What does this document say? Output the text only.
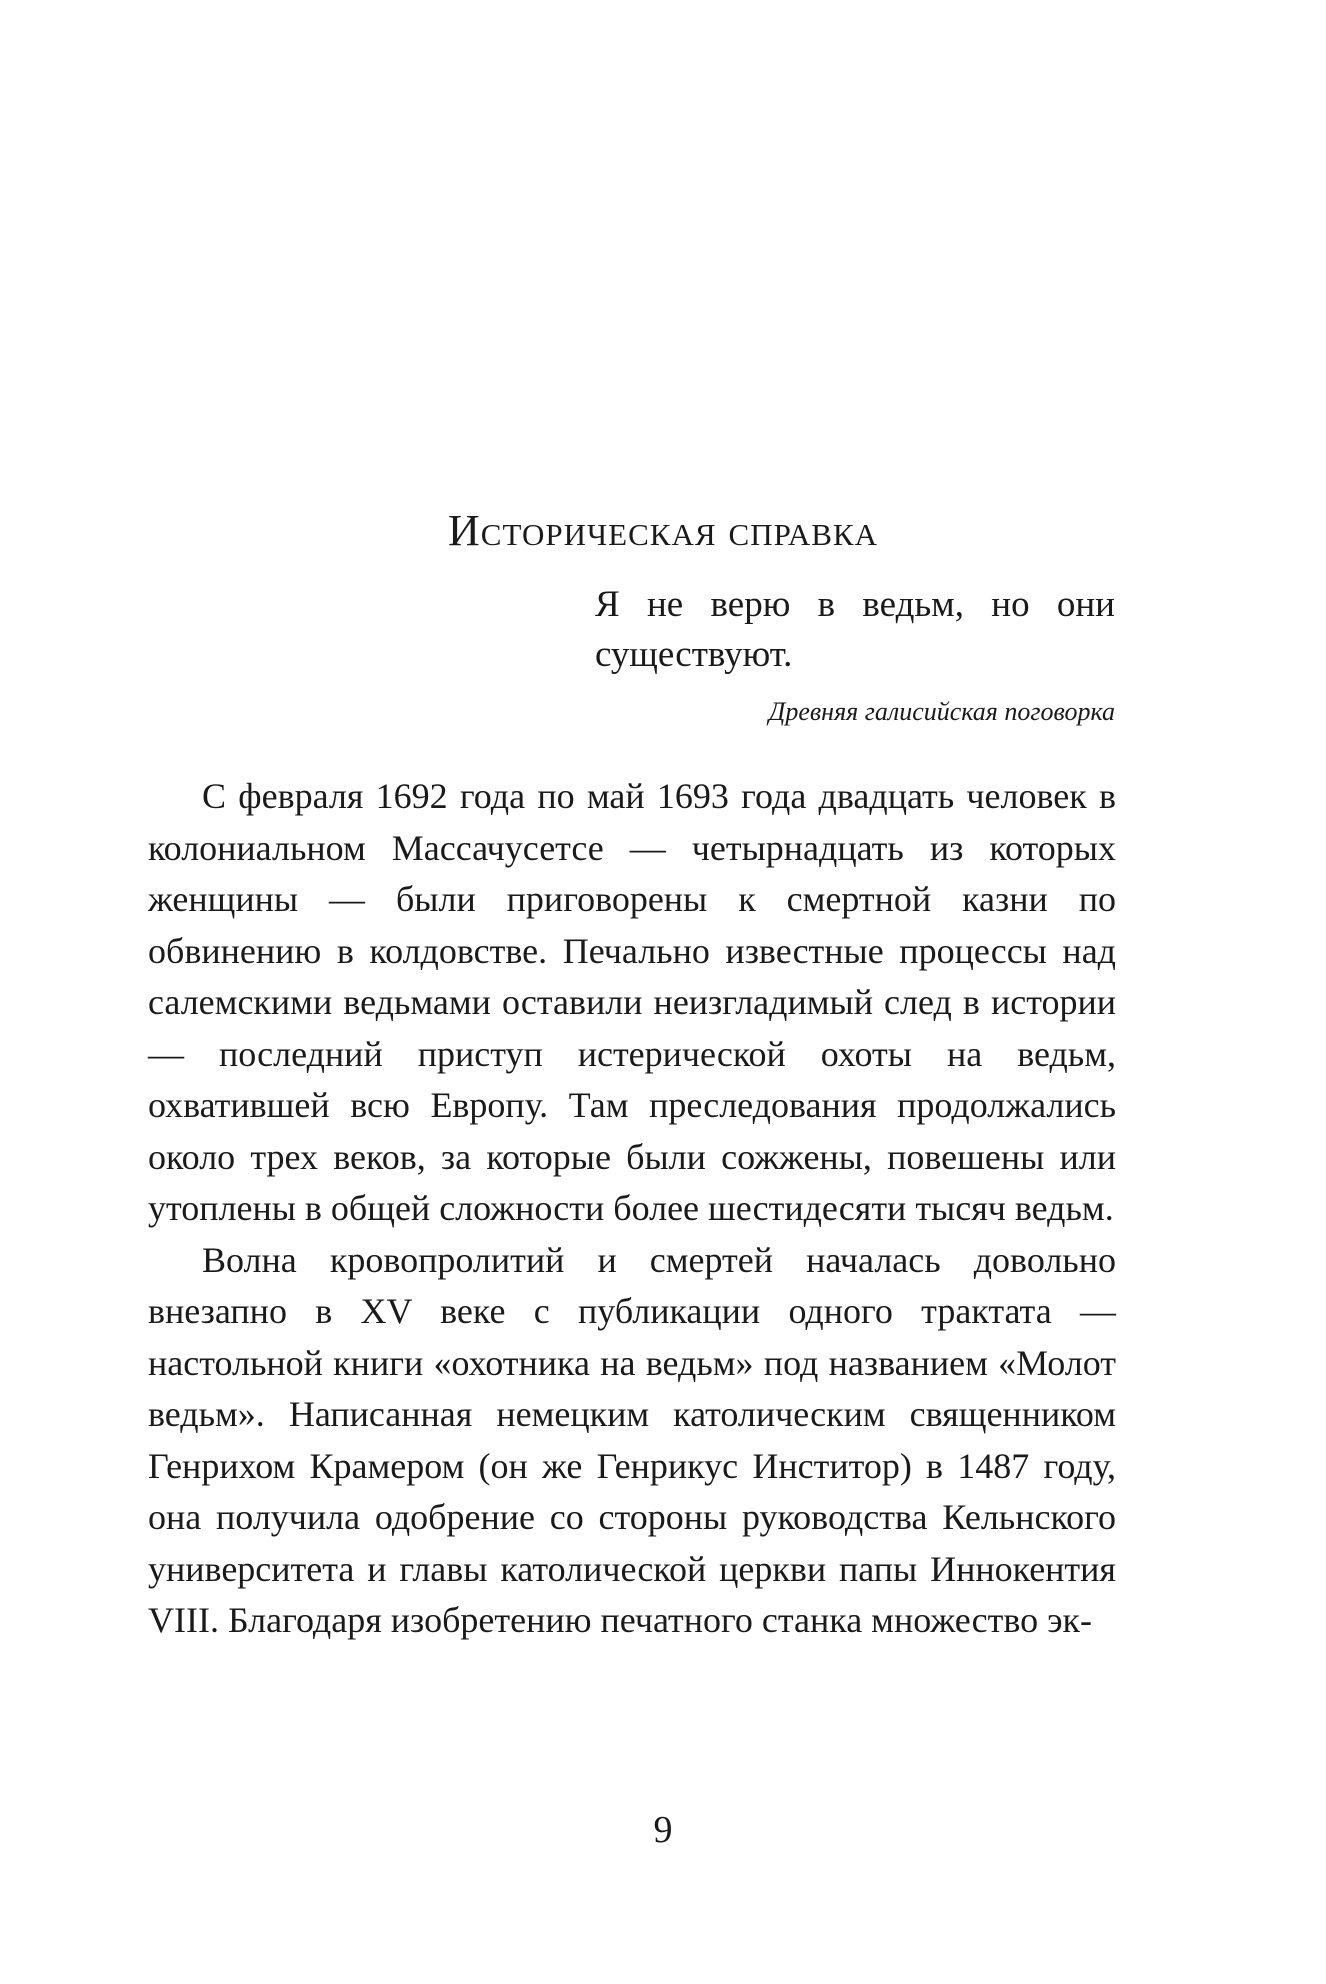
Историческая справка

Я не верю в ведьм, но они существуют.

Древняя галисийская поговорка

С февраля 1692 года по май 1693 года двадцать человек в колониальном Массачусетсе — четырнадцать из которых женщины — были приговорены к смертной казни по обвинению в колдовстве. Печально известные процессы над салемскими ведьмами оставили неизгладимый след в истории — последний приступ истерической охоты на ведьм, охватившей всю Европу. Там преследования продолжались около трех веков, за которые были сожжены, повешены или утоплены в общей сложности более шестидесяти тысяч ведьм.

Волна кровопролитий и смертей началась довольно внезапно в XV веке с публикации одного трактата — настольной книги «охотника на ведьм» под названием «Молот ведьм». Написанная немецким католическим священником Генрихом Крамером (он же Генрикус Инститор) в 1487 году, она получила одобрение со стороны руководства Кельнского университета и главы католической церкви папы Иннокентия VIII. Благодаря изобретению печатного станка множество эк-

9
